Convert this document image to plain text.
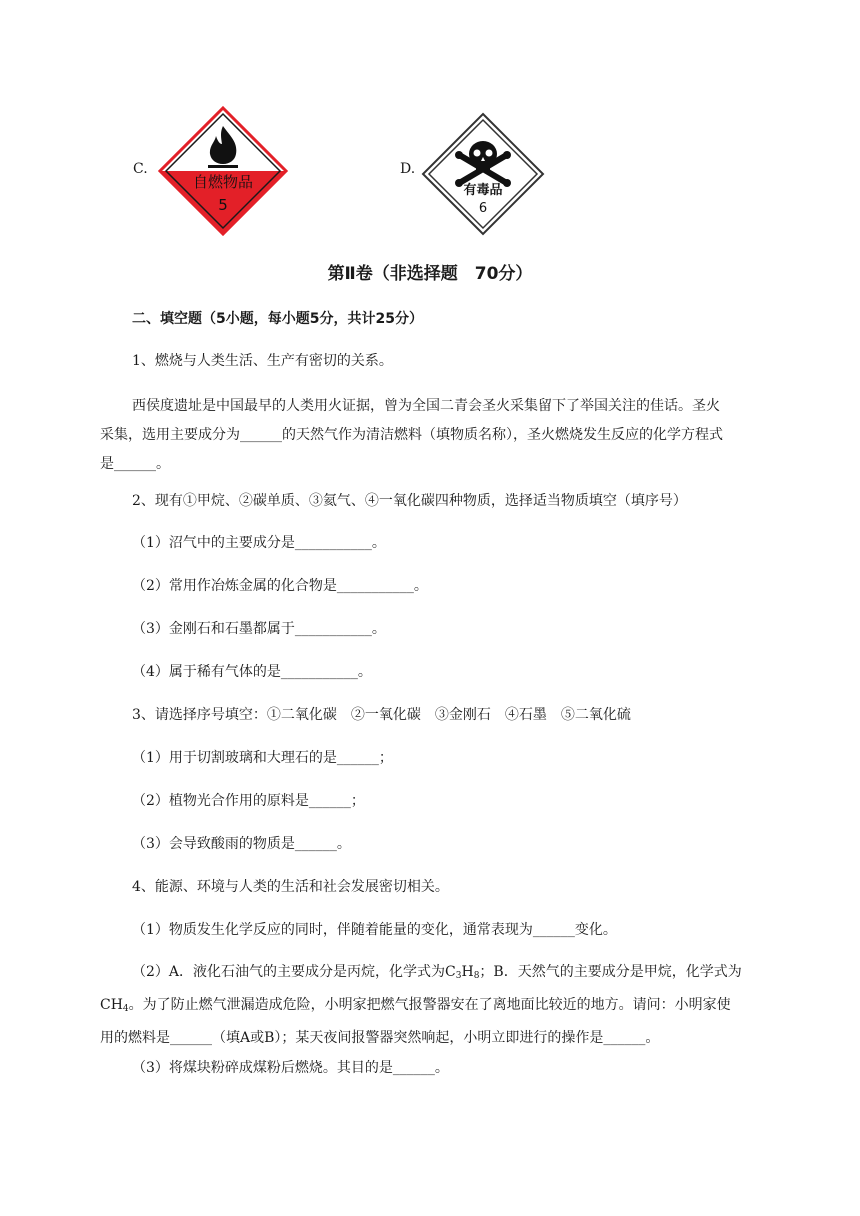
C.
自燃物品
5
D.
有毒品
6
第Ⅱ卷（非选择题　70分）
二、填空题（5小题，每小题5分，共计25分）
1、燃烧与人类生活、生产有密切的关系。
西侯度遗址是中国最早的人类用火证据，曾为全国二青会圣火采集留下了举国关注的佳话。圣火
采集，选用主要成分为______的天然气作为清洁燃料（填物质名称），圣火燃烧发生反应的化学方程式
是______。
2、现有①甲烷、②碳单质、③氦气、④一氧化碳四种物质，选择适当物质填空（填序号）
（1）沼气中的主要成分是___________。
（2）常用作冶炼金属的化合物是___________。
（3）金刚石和石墨都属于___________。
（4）属于稀有气体的是___________。
3、请选择序号填空：①二氧化碳　②一氧化碳　③金刚石　④石墨　⑤二氧化硫
（1）用于切割玻璃和大理石的是______；
（2）植物光合作用的原料是______；
（3）会导致酸雨的物质是______。
4、能源、环境与人类的生活和社会发展密切相关。
（1）物质发生化学反应的同时，伴随着能量的变化，通常表现为______变化。
（2）A．液化石油气的主要成分是丙烷，化学式为$C_3H_8$；B．天然气的主要成分是甲烷，化学式为
$CH_4$。为了防止燃气泄漏造成危险，小明家把燃气报警器安在了离地面比较近的地方。请问：小明家使
用的燃料是______（填A或B）；某天夜间报警器突然响起，小明立即进行的操作是______。
（3）将煤块粉碎成煤粉后燃烧。其目的是______。
